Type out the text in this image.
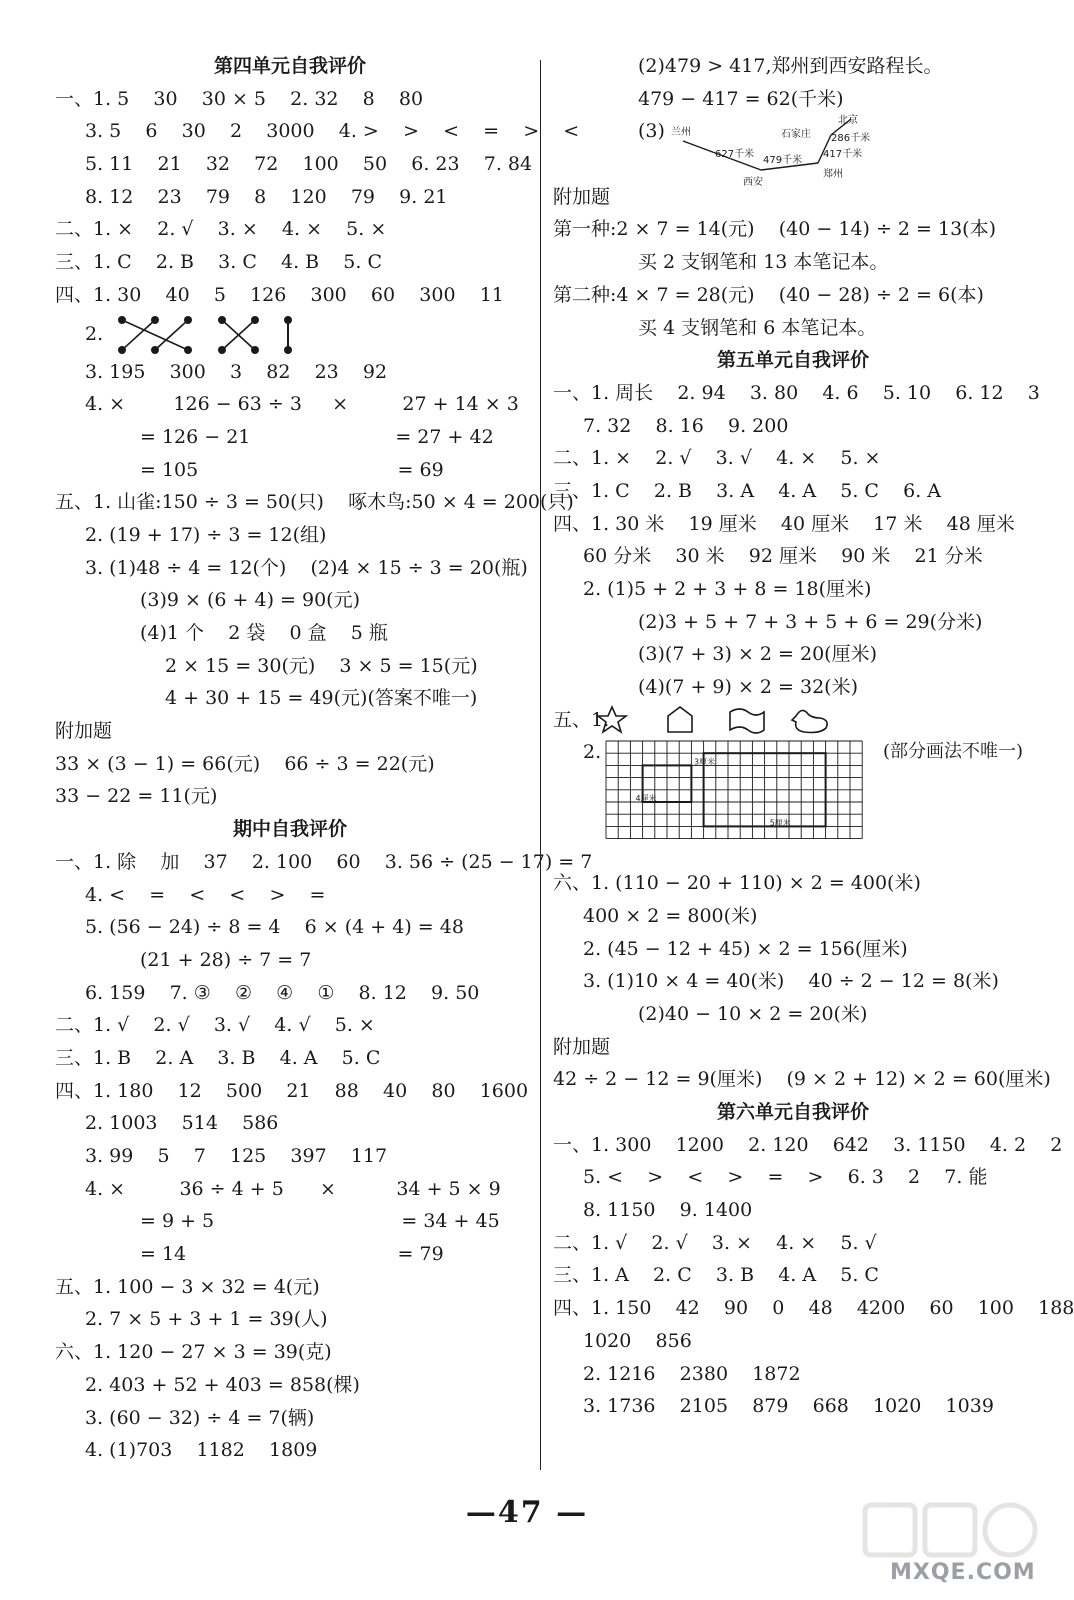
第四单元自我评价
一、1. 5    30    30 × 5    2. 32    8    80
3. 5    6    30    2    3000    4. >    >    <    =    >    <
5. 11    21    32    72    100    50    6. 23    7. 84
8. 12    23    79    8    120    79    9. 21
二、1. ×    2. √    3. ×    4. ×    5. ×
三、1. C    2. B    3. C    4. B    5. C
四、1. 30    40    5    126    300    60    300    11
2.
3. 195    300    3    82    23    92
4. ×        126 − 63 ÷ 3     ×         27 + 14 × 3
= 126 − 21                        = 27 + 42
= 105                                 = 69
五、1. 山雀:150 ÷ 3 = 50(只)    啄木鸟:50 × 4 = 200(只)
2. (19 + 17) ÷ 3 = 12(组)
3. (1)48 ÷ 4 = 12(个)    (2)4 × 15 ÷ 3 = 20(瓶)
(3)9 × (6 + 4) = 90(元)
(4)1 个    2 袋    0 盒    5 瓶
2 × 15 = 30(元)    3 × 5 = 15(元)
4 + 30 + 15 = 49(元)(答案不唯一)
附加题
33 × (3 − 1) = 66(元)    66 ÷ 3 = 22(元)
33 − 22 = 11(元)
期中自我评价
一、1. 除    加    37    2. 100    60    3. 56 ÷ (25 − 17) = 7
4. <    =    <    <    >    =
5. (56 − 24) ÷ 8 = 4    6 × (4 + 4) = 48
(21 + 28) ÷ 7 = 7
6. 159    7. ③    ②    ④    ①    8. 12    9. 50
二、1. √    2. √    3. √    4. √    5. ×
三、1. B    2. A    3. B    4. A    5. C
四、1. 180    12    500    21    88    40    80    1600
2. 1003    514    586
3. 99    5    7    125    397    117
4. ×         36 ÷ 4 + 5      ×          34 + 5 × 9
= 9 + 5                               = 34 + 45
= 14                                   = 79
五、1. 100 − 3 × 32 = 4(元)
2. 7 × 5 + 3 + 1 = 39(人)
六、1. 120 − 27 × 3 = 39(克)
2. 403 + 52 + 403 = 858(棵)
3. (60 − 32) ÷ 4 = 7(辆)
4. (1)703    1182    1809
(2)479 > 417,郑州到西安路程长。
479 − 417 = 62(千米)
(3)	北京
石家庄
郑州
西安
兰州
286千米
417千米
479千米
627千米
附加题
第一种:2 × 7 = 14(元)    (40 − 14) ÷ 2 = 13(本)
买 2 支钢笔和 13 本笔记本。
第二种:4 × 7 = 28(元)    (40 − 28) ÷ 2 = 6(本)
买 4 支钢笔和 6 本笔记本。
第五单元自我评价
一、1. 周长    2. 94    3. 80    4. 6    5. 10    6. 12    3
7. 32    8. 16    9. 200
二、1. ×    2. √    3. √    4. ×    5. ×
三、1. C    2. B    3. A    4. A    5. C    6. A
四、1. 30 米    19 厘米    40 厘米    17 米    48 厘米
60 分米    30 米    92 厘米    90 米    21 分米
2. (1)5 + 2 + 3 + 8 = 18(厘米)
(2)3 + 5 + 7 + 3 + 5 + 6 = 29(分米)
(3)(7 + 3) × 2 = 20(厘米)
(4)(7 + 9) × 2 = 32(米)
五、1.
2.	3厘米
4厘米
5厘米
(部分画法不唯一)
六、1. (110 − 20 + 110) × 2 = 400(米)
400 × 2 = 800(米)
2. (45 − 12 + 45) × 2 = 156(厘米)
3. (1)10 × 4 = 40(米)    40 ÷ 2 − 12 = 8(米)
(2)40 − 10 × 2 = 20(米)
附加题
42 ÷ 2 − 12 = 9(厘米)    (9 × 2 + 12) × 2 = 60(厘米)
第六单元自我评价
一、1. 300    1200    2. 120    642    3. 1150    4. 2    2
5. <    >    <    >    =    >    6. 3    2    7. 能
8. 1150    9. 1400
二、1. √    2. √    3. ×    4. ×    5. √
三、1. A    2. C    3. B    4. A    5. C
四、1. 150    42    90    0    48    4200    60    100    188
1020    856
2. 1216    2380    1872
3. 1736    2105    879    668    1020    1039
—47 —
MXQE.COM
